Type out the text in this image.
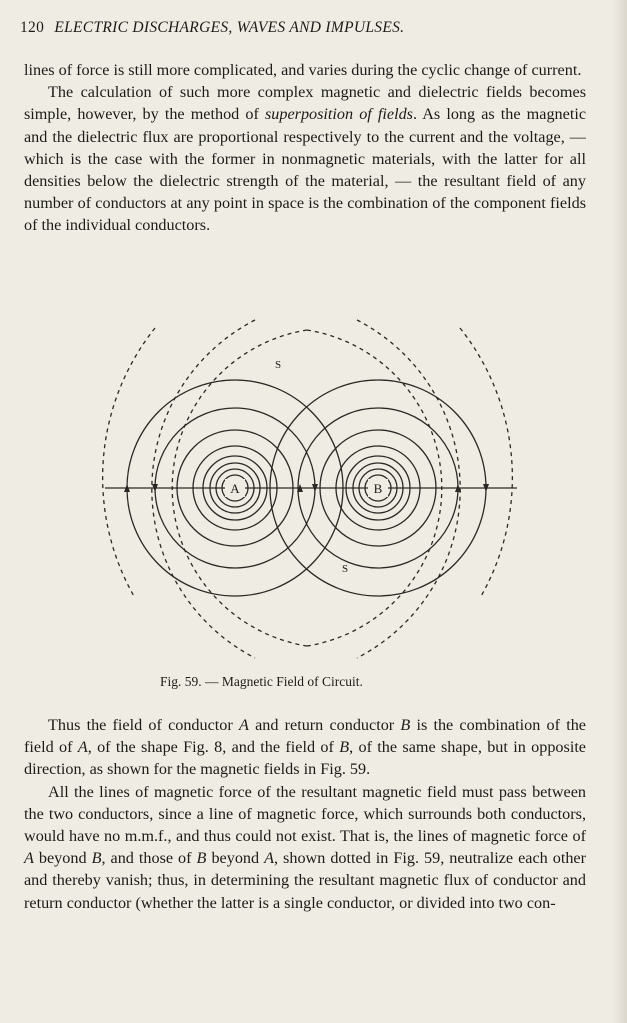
120 ELECTRIC DISCHARGES, WAVES AND IMPULSES.

lines of force is still more complicated, and varies during the cyclic change of current.

The calculation of such more complex magnetic and dielectric fields becomes simple, however, by the method of superposition of fields. As long as the magnetic and the dielectric flux are proportional respectively to the current and the voltage, — which is the case with the former in nonmagnetic materials, with the latter for all densities below the dielectric strength of the material, — the resultant field of any number of conductors at any point in space is the combination of the component fields of the individual conductors.

A	B
S
S
Fig. 59. — Magnetic Field of Circuit.

Thus the field of conductor A and return conductor B is the combination of the field of A, of the shape Fig. 8, and the field of B, of the same shape, but in opposite direction, as shown for the magnetic fields in Fig. 59.

All the lines of magnetic force of the resultant magnetic field must pass between the two conductors, since a line of magnetic force, which surrounds both conductors, would have no m.m.f., and thus could not exist. That is, the lines of magnetic force of A beyond B, and those of B beyond A, shown dotted in Fig. 59, neutralize each other and thereby vanish; thus, in determining the resultant magnetic flux of conductor and return conductor (whether the latter is a single conductor, or divided into two con-
